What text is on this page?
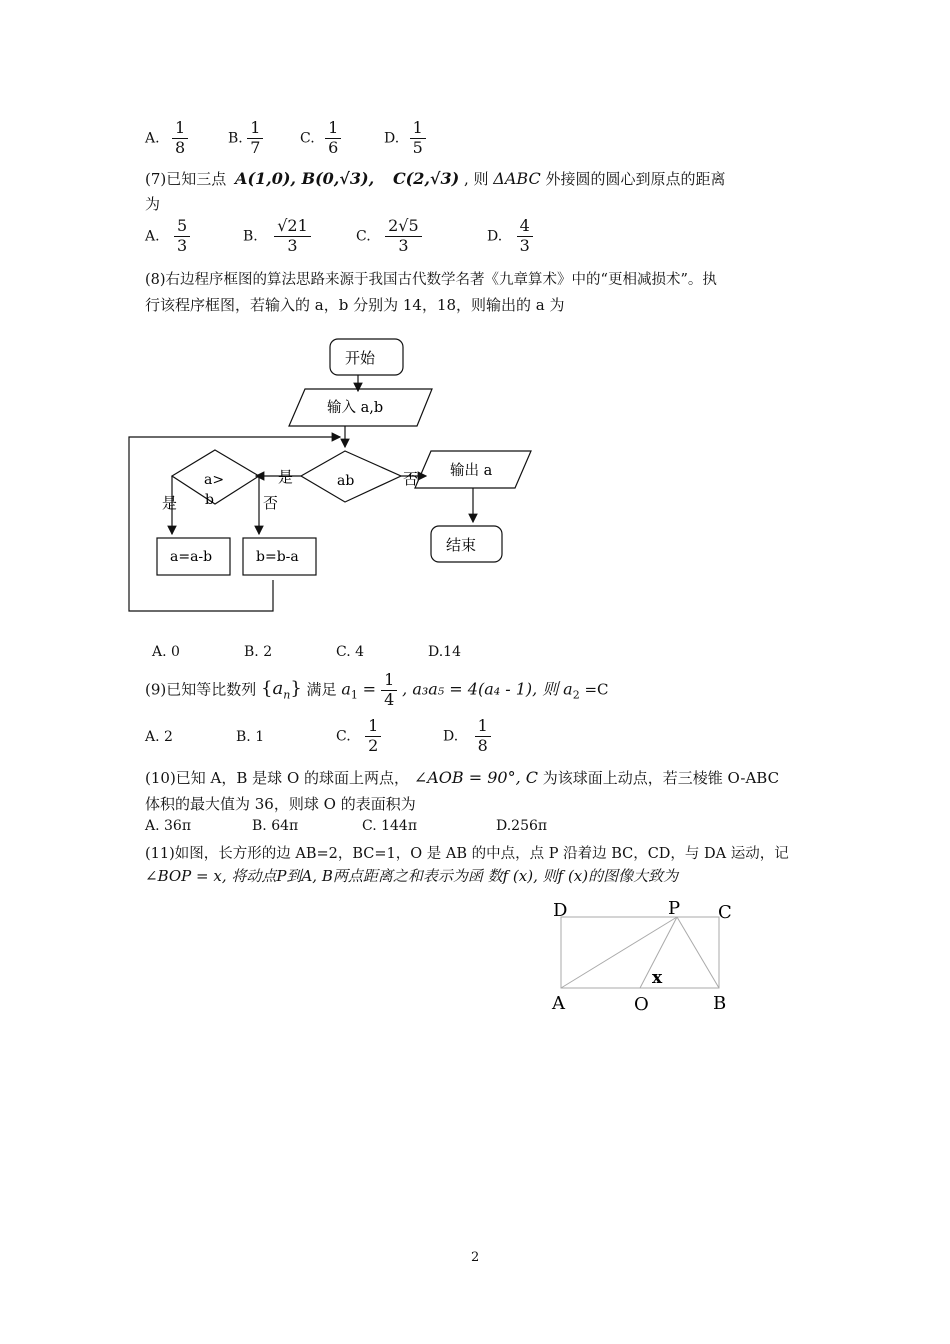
A. $\frac{1}{8}$	B. $\frac{1}{7}$	C. $\frac{1}{6}$	D. $\frac{1}{5}$
(7)已知三点 A(1,0), B(0,√3), C(2,√3) , 则 ΔABC 外接圆的圆心到原点的距离
为
A. $\frac{5}{3}$	B. $\frac{√21}{3}$	C. $\frac{2√5}{3}$	D. $\frac{4}{3}$
(8)右边程序框图的算法思路来源于我国古代数学名著《九章算术》中的“更相减损术”。执
行该程序框图，若输入的 a，b 分别为 14，18，则输出的 a 为
开始
输入 a,b
ab
是	否
a>
b
是	否
a=a-b	b=b-a
输出 a
结束
A. 0	B. 2	C. 4	D.14
(9)已知等比数列 $\{a_n\}$ 满足 $a_1 = \frac{1}{4}$ , a₃a₅ = 4(a₄ - 1), 则 $a_2 =C$
A. 2	B. 1	C. $\frac{1}{2}$	D. $\frac{1}{8}$
(10)已知 A，B 是球 O 的球面上两点， ∠AOB = 90°, C 为该球面上动点，若三棱锥 O-ABC
体积的最大值为 36，则球 O 的表面积为
A. 36π	B. 64π	C. 144π	D.256π
(11)如图，长方形的边 AB=2，BC=1，O 是 AB 的中点，点 P 沿着边 BC，CD，与 DA 运动，记
∠BOP = x, 将动点P到A, B两点距离之和表示为函 数f (x), 则f (x)的图像大致为
D	P C
x
A	O	B
2
